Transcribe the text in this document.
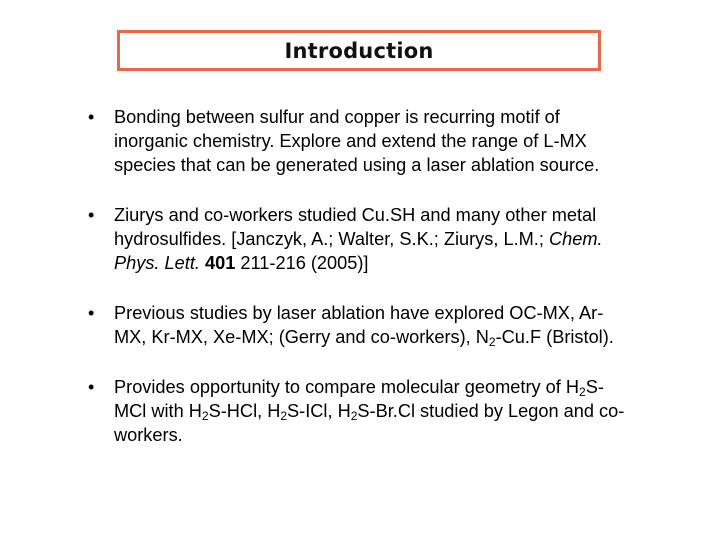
Introduction
• Bonding between sulfur and copper is recurring motif of inorganic chemistry. Explore and extend the range of L-MX species that can be generated using a laser ablation source.
• Ziurys and co-workers studied Cu.SH and many other metal hydrosulfides. [Janczyk, A.; Walter, S.K.; Ziurys, L.M.; Chem. Phys. Lett. 401 211-216 (2005)]
• Previous studies by laser ablation have explored OC-MX, Ar-MX, Kr-MX, Xe-MX; (Gerry and co-workers), $N_2-Cu.F$ (Bristol).
• Provides opportunity to compare molecular geometry of $H_2S$-MCl with $H_2S$-HCl, $H_2S$-ICl, $H_2S-Br.Cl$ studied by Legon and co-workers.
